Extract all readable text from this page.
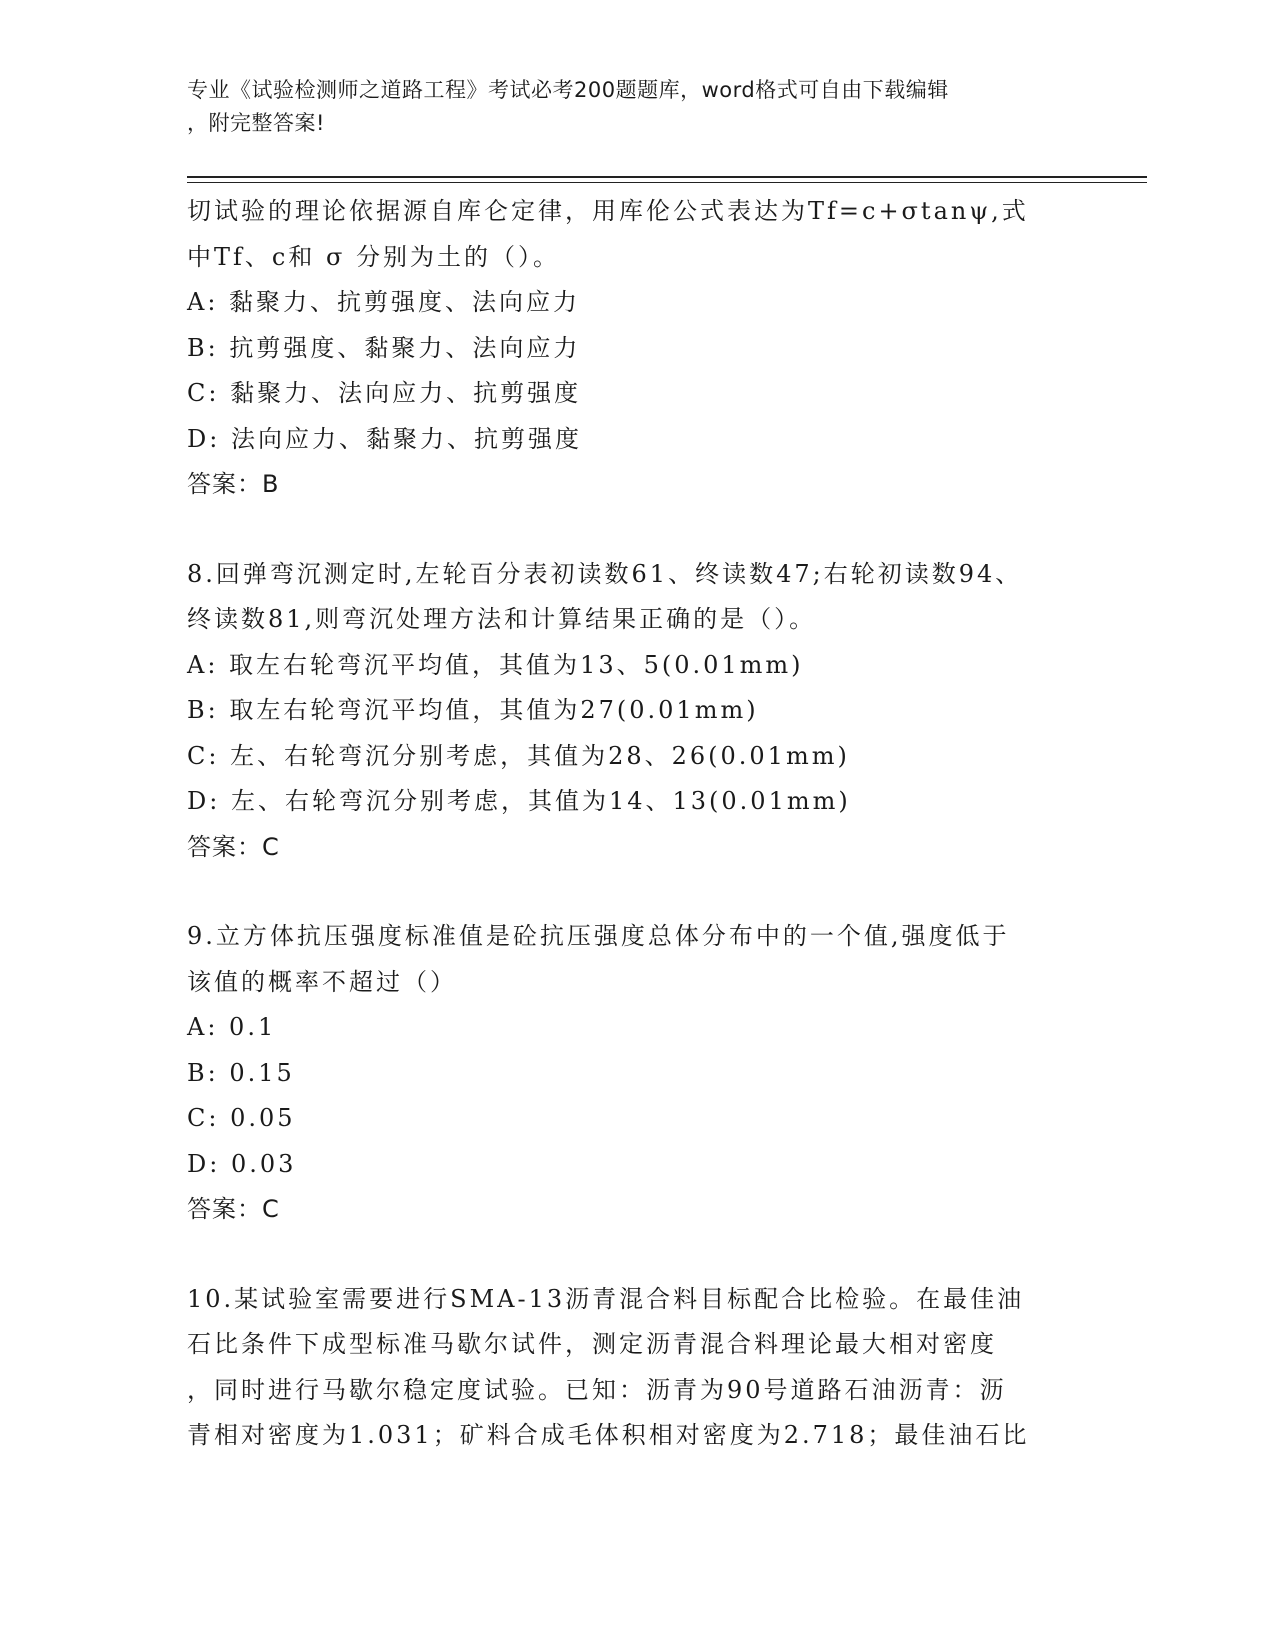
专业《试验检测师之道路工程》考试必考200题题库，word格式可自由下载编辑
，附完整答案!
切试验的理论依据源自库仑定律，用库伦公式表达为Tf=c+σtanψ,式
中Tf、c和 σ 分别为土的（）。
A: 黏聚力、抗剪强度、法向应力
B: 抗剪强度、黏聚力、法向应力
C: 黏聚力、法向应力、抗剪强度
D: 法向应力、黏聚力、抗剪强度
答案：B
8.回弹弯沉测定时,左轮百分表初读数61、终读数47;右轮初读数94、
终读数81,则弯沉处理方法和计算结果正确的是（）。
A: 取左右轮弯沉平均值，其值为13、5(0.01mm)
B: 取左右轮弯沉平均值，其值为27(0.01mm)
C: 左、右轮弯沉分别考虑，其值为28、26(0.01mm)
D: 左、右轮弯沉分别考虑，其值为14、13(0.01mm)
答案：C
9.立方体抗压强度标准值是砼抗压强度总体分布中的一个值,强度低于
该值的概率不超过（）
A: 0.1
B: 0.15
C: 0.05
D: 0.03
答案：C
10.某试验室需要进行SMA-13沥青混合料目标配合比检验。在最佳油
石比条件下成型标准马歇尔试件，测定沥青混合料理论最大相对密度
，同时进行马歇尔稳定度试验。已知：沥青为90号道路石油沥青：沥
青相对密度为1.031；矿料合成毛体积相对密度为2.718；最佳油石比
